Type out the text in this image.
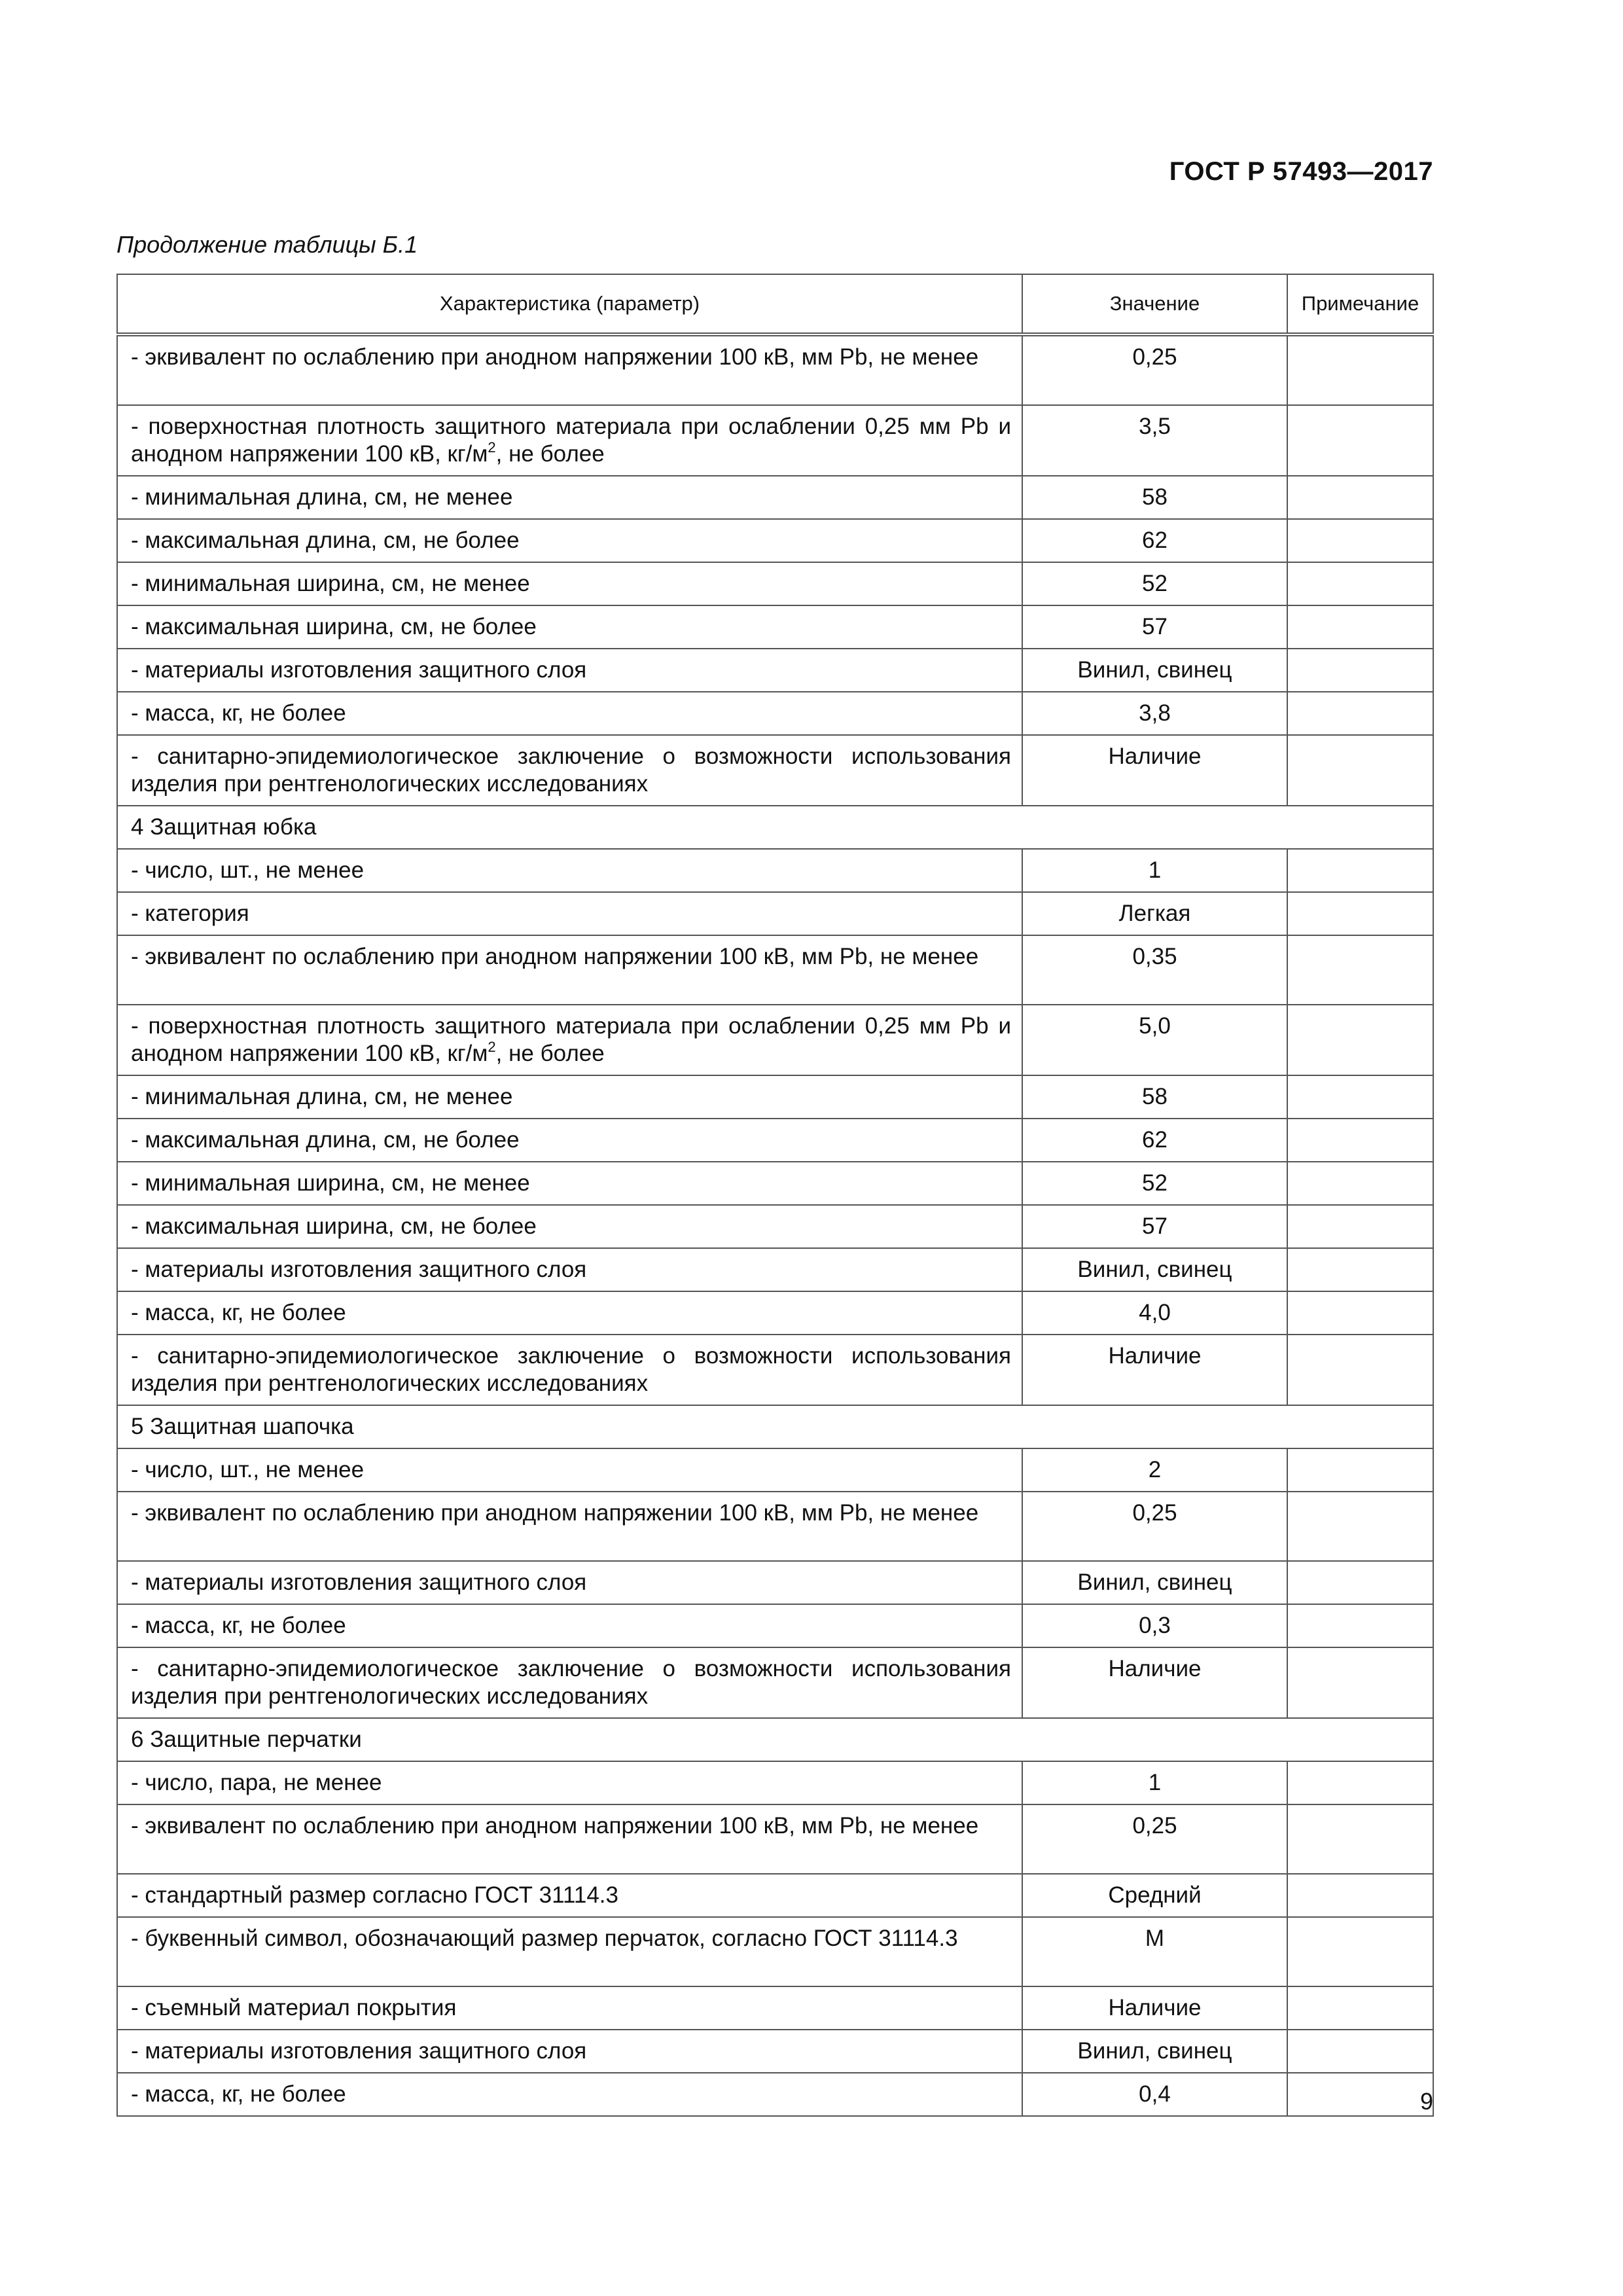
ГОСТ Р 57493—2017
Продолжение таблицы Б.1
Характеристика (параметр)	Значение	Примечание
- эквивалент по ослаблению при анодном напряжении 100 кВ, мм Pb, не менее	0,25	
- поверхностная плотность защитного материала при ослаблении 0,25 мм Pb и анодном напряжении 100 кВ, $кг/м^2$, не более	3,5	
- минимальная длина, см, не менее	58	
- максимальная длина, см, не более	62	
- минимальная ширина, см, не менее	52	
- максимальная ширина, см, не более	57	
- материалы изготовления защитного слоя	Винил, свинец	
- масса, кг, не более	3,8	
- санитарно-эпидемиологическое заключение о возможности использования изделия при рентгенологических исследованиях	Наличие	
4 Защитная юбка		
- число, шт., не менее	1	
- категория	Легкая	
- эквивалент по ослаблению при анодном напряжении 100 кВ, мм Pb, не менее	0,35	
- поверхностная плотность защитного материала при ослаблении 0,25 мм Pb и анодном напряжении 100 кВ, $кг/м^2$, не более	5,0	
- минимальная длина, см, не менее	58	
- максимальная длина, см, не более	62	
- минимальная ширина, см, не менее	52	
- максимальная ширина, см, не более	57	
- материалы изготовления защитного слоя	Винил, свинец	
- масса, кг, не более	4,0	
- санитарно-эпидемиологическое заключение о возможности использования изделия при рентгенологических исследованиях	Наличие	
5 Защитная шапочка		
- число, шт., не менее	2	
- эквивалент по ослаблению при анодном напряжении 100 кВ, мм Pb, не менее	0,25	
- материалы изготовления защитного слоя	Винил, свинец	
- масса, кг, не более	0,3	
- санитарно-эпидемиологическое заключение о возможности использования изделия при рентгенологических исследованиях	Наличие	
6 Защитные перчатки		
- число, пара, не менее	1	
- эквивалент по ослаблению при анодном напряжении 100 кВ, мм Pb, не менее	0,25	
- стандартный размер согласно ГОСТ 31114.3	Средний	
- буквенный символ, обозначающий размер перчаток, согласно ГОСТ 31114.3	М	
- съемный материал покрытия	Наличие	
- материалы изготовления защитного слоя	Винил, свинец	
- масса, кг, не более	0,4		9
